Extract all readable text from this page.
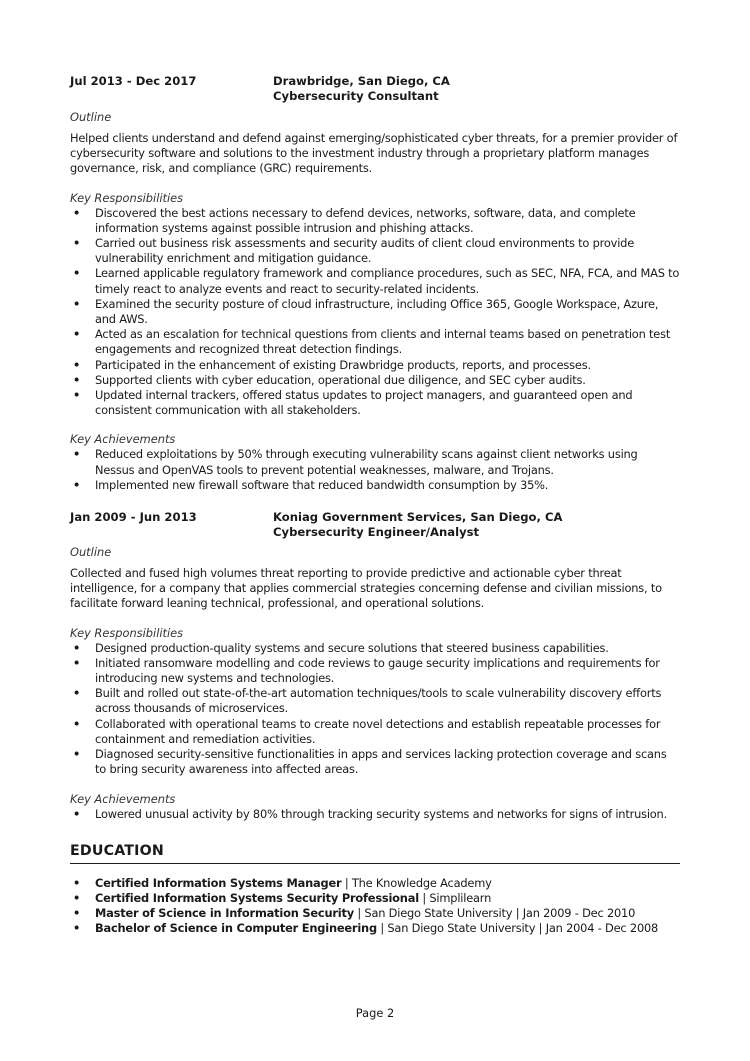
Jul 2013 - Dec 2017	Drawbridge, San Diego, CA
Cybersecurity Consultant
Outline

Helped clients understand and defend against emerging/sophisticated cyber threats, for a premier provider of cybersecurity software and solutions to the investment industry through a proprietary platform manages governance, risk, and compliance (GRC) requirements.

Key Responsibilities
• Discovered the best actions necessary to defend devices, networks, software, data, and complete information systems against possible intrusion and phishing attacks.
• Carried out business risk assessments and security audits of client cloud environments to provide vulnerability enrichment and mitigation guidance.
• Learned applicable regulatory framework and compliance procedures, such as SEC, NFA, FCA, and MAS to timely react to analyze events and react to security-related incidents.
• Examined the security posture of cloud infrastructure, including Office 365, Google Workspace, Azure, and AWS.
• Acted as an escalation for technical questions from clients and internal teams based on penetration test engagements and recognized threat detection findings.
• Participated in the enhancement of existing Drawbridge products, reports, and processes.
• Supported clients with cyber education, operational due diligence, and SEC cyber audits.
• Updated internal trackers, offered status updates to project managers, and guaranteed open and consistent communication with all stakeholders.
Key Achievements
• Reduced exploitations by 50% through executing vulnerability scans against client networks using Nessus and OpenVAS tools to prevent potential weaknesses, malware, and Trojans.
• Implemented new firewall software that reduced bandwidth consumption by 35%.
Jan 2009 - Jun 2013	Koniag Government Services, San Diego, CA
Cybersecurity Engineer/Analyst
Outline

Collected and fused high volumes threat reporting to provide predictive and actionable cyber threat intelligence, for a company that applies commercial strategies concerning defense and civilian missions, to facilitate forward leaning technical, professional, and operational solutions.

Key Responsibilities
• Designed production-quality systems and secure solutions that steered business capabilities.
• Initiated ransomware modelling and code reviews to gauge security implications and requirements for introducing new systems and technologies.
• Built and rolled out state-of-the-art automation techniques/tools to scale vulnerability discovery efforts across thousands of microservices.
• Collaborated with operational teams to create novel detections and establish repeatable processes for containment and remediation activities.
• Diagnosed security-sensitive functionalities in apps and services lacking protection coverage and scans to bring security awareness into affected areas.
Key Achievements
• Lowered unusual activity by 80% through tracking security systems and networks for signs of intrusion.
EDUCATION
• Certified Information Systems Manager | The Knowledge Academy
• Certified Information Systems Security Professional | Simplilearn
• Master of Science in Information Security | San Diego State University | Jan 2009 - Dec 2010
• Bachelor of Science in Computer Engineering | San Diego State University | Jan 2004 - Dec 2008
Page 2
